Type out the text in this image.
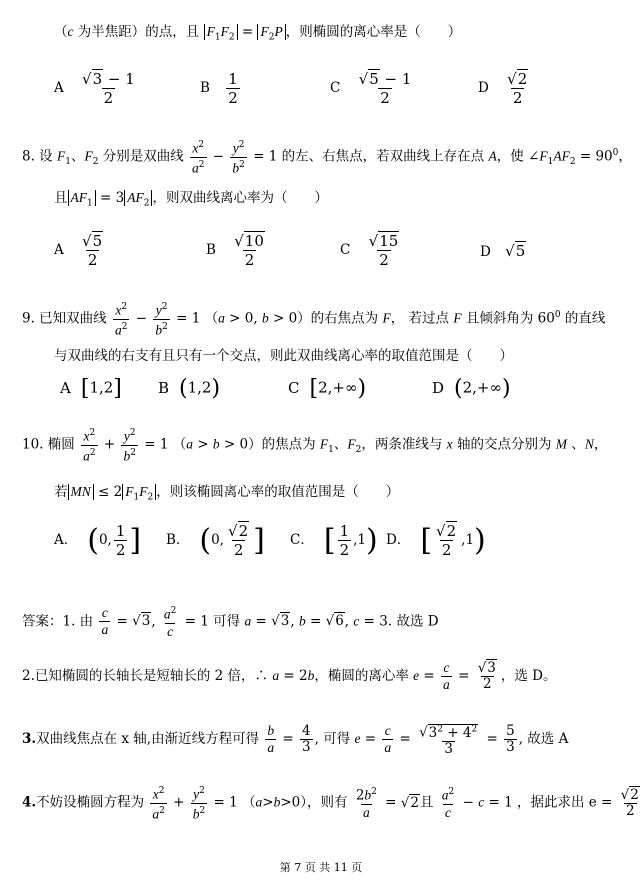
（c 为半焦距）的点，且 $F_1F_2 = F_2P$ ，则椭圆的离心率是（　　）
A $\frac{√3 - 1}{2}$	B $\frac{1}{2}$	C $\frac{√5 - 1}{2}$	D $\frac{√2}{2}$
8. 设 $F_1$、$F_2$ 分别是双曲线 $\frac{x^2}{a^2} - \frac{y^2}{b^2} = 1$ 的左、右焦点，若双曲线上存在点 A，使 $\angle F_1AF_2 = 90^0$，
且 $AF_1 = 3$ $AF_2$ ，则双曲线离心率为（　　）
A $\frac{√5}{2}$	B $\frac{√10}{2}$	C $\frac{√15}{2}$	D √5
9. 已知双曲线 $\frac{x^2}{a^2} - \frac{y^2}{b^2} = 1$ （a > 0, b > 0）的右焦点为 F， 若过点 F 且倾斜角为 $60^0$ 的直线
与双曲线的右支有且只有一个交点，则此双曲线离心率的取值范围是（　　）
A [1,2] B (1,2)	C [2,+∞)	D (2,+∞)
10. 椭圆 $\frac{x^2}{a^2} + \frac{y^2}{b^2} = 1$ （a > b > 0）的焦点为 $F_1$、$F_2$，两条准线与 x 轴的交点分别为 M 、N，
若 MN ≤ 2 $F_1F_2$ ，则该椭圆离心率的取值范围是（　　）
A． (0, $\frac{1}{2}$ ] B． (0, $\frac{√2}{2}$ ] C． [ $\frac{1}{2} ,1$) D． [ $\frac{√2}{2} ,1$)
答案：1. 由 $\frac{c}{a} = √3$, $\frac{a^2}{c} = 1$ 可得 a = √3, b = √6, c = 3. 故选 D
2.已知椭圆的长轴长是短轴长的 2 倍，∴ a = 2b，椭圆的离心率 $e = \frac{c}{a} = \frac{√3}{2}$ ，选 D。
3.双曲线焦点在 x 轴,由渐近线方程可得 $\frac{b}{a} = \frac{4}{3}$ , 可得 $e = \frac{c}{a} = \frac{√3^2 + 4^2}{3} = \frac{5}{3}$ , 故选 A
4.不妨设椭圆方程为 $\frac{x^2}{a^2} + \frac{y^2}{b^2} = 1$ （a>b>0），则有 $\frac{2b^2}{a} = √2$且 $\frac{a^2}{c} - c = 1$ ，据此求出 $e = \frac{√2}{2}$
第 7 页 共 11 页
